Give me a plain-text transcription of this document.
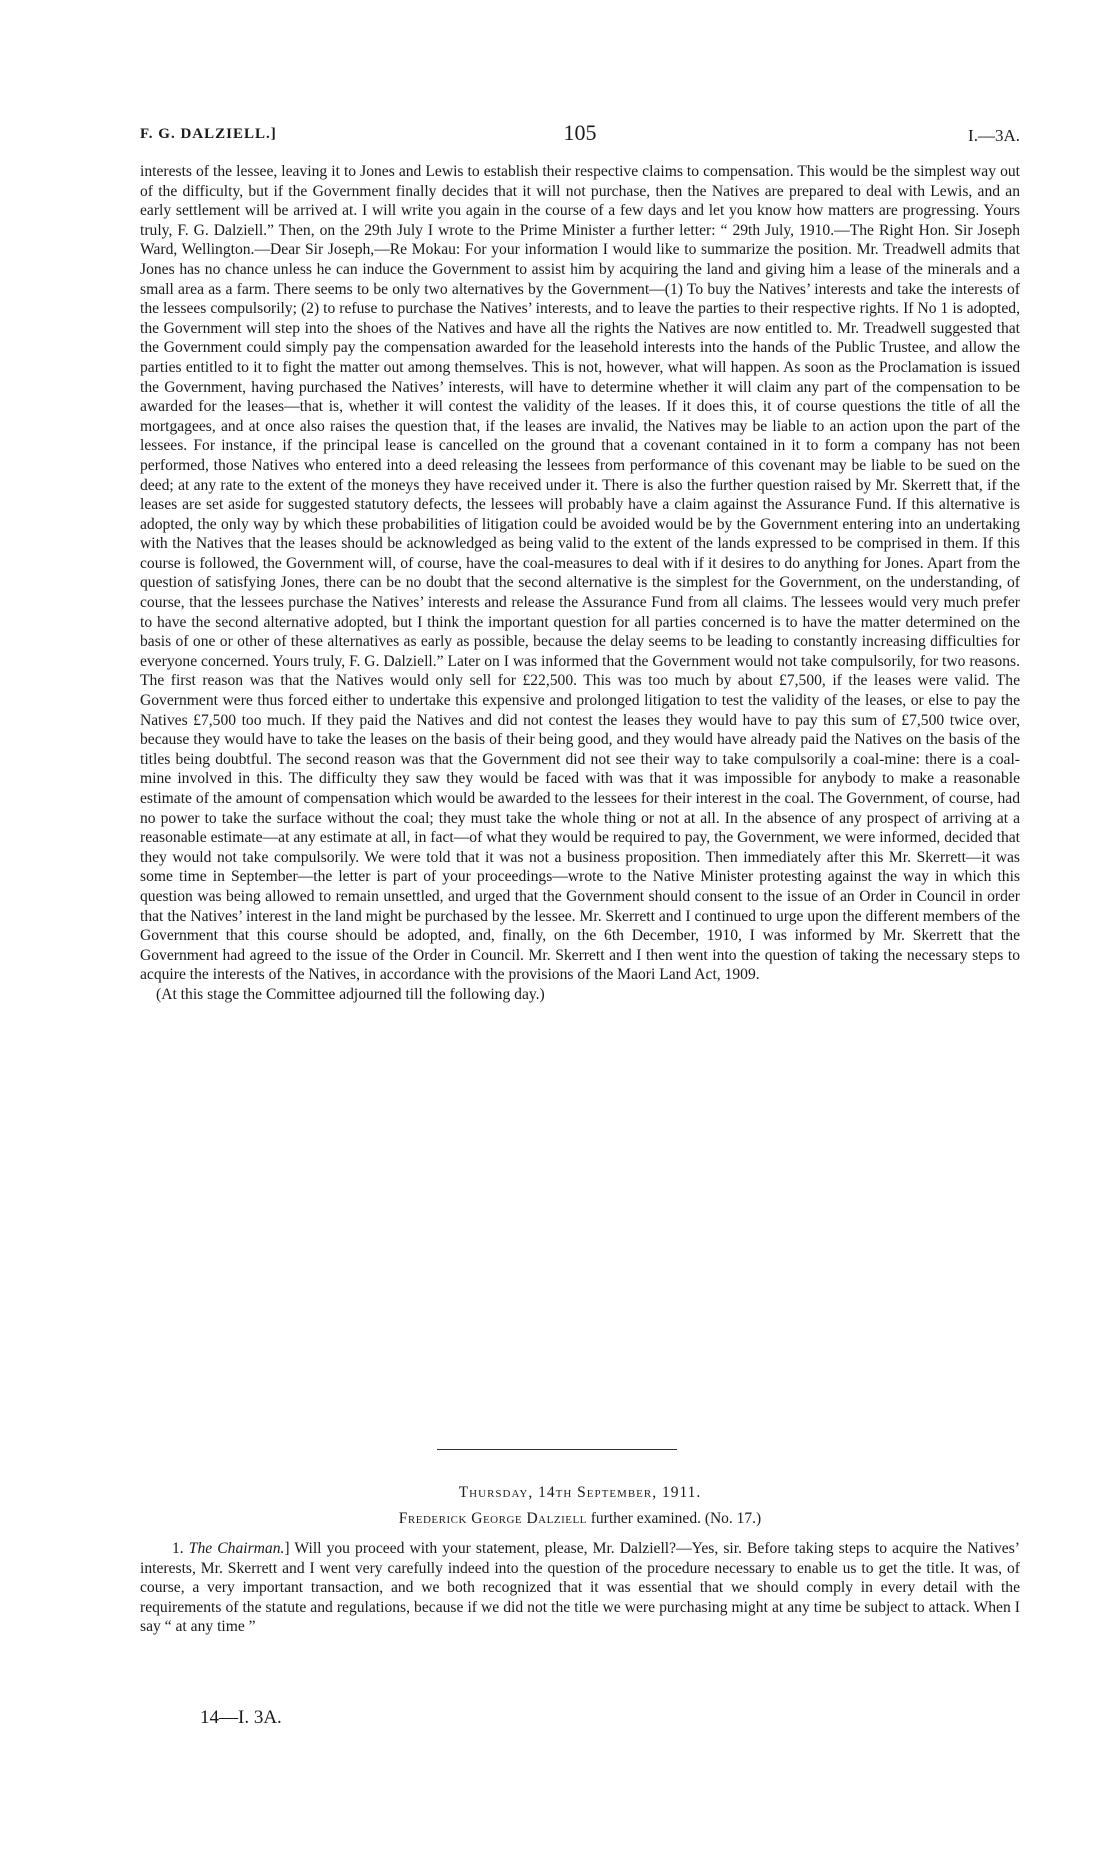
F. G. DALZIELL.]	105	I.—3A.

interests of the lessee, leaving it to Jones and Lewis to establish their respective claims to compensation. This would be the simplest way out of the difficulty, but if the Government finally decides that it will not purchase, then the Natives are prepared to deal with Lewis, and an early settlement will be arrived at. I will write you again in the course of a few days and let you know how matters are progressing. Yours truly, F. G. Dalziell.” Then, on the 29th July I wrote to the Prime Minister a further letter: “ 29th July, 1910.—The Right Hon. Sir Joseph Ward, Wellington.—Dear Sir Joseph,—Re Mokau: For your information I would like to summarize the position. Mr. Treadwell admits that Jones has no chance unless he can induce the Government to assist him by acquiring the land and giving him a lease of the minerals and a small area as a farm. There seems to be only two alternatives by the Government—(1) To buy the Natives’ interests and take the interests of the lessees compulsorily; (2) to refuse to purchase the Natives’ interests, and to leave the parties to their respective rights. If No 1 is adopted, the Government will step into the shoes of the Natives and have all the rights the Natives are now entitled to. Mr. Treadwell suggested that the Government could simply pay the compensation awarded for the leasehold interests into the hands of the Public Trustee, and allow the parties entitled to it to fight the matter out among themselves. This is not, however, what will happen. As soon as the Proclamation is issued the Government, having purchased the Natives’ interests, will have to determine whether it will claim any part of the compensation to be awarded for the leases—that is, whether it will contest the validity of the leases. If it does this, it of course questions the title of all the mortgagees, and at once also raises the question that, if the leases are invalid, the Natives may be liable to an action upon the part of the lessees. For instance, if the principal lease is cancelled on the ground that a covenant contained in it to form a company has not been performed, those Natives who entered into a deed releasing the lessees from performance of this covenant may be liable to be sued on the deed; at any rate to the extent of the moneys they have received under it. There is also the further question raised by Mr. Skerrett that, if the leases are set aside for suggested statutory defects, the lessees will probably have a claim against the Assurance Fund. If this alternative is adopted, the only way by which these probabilities of litigation could be avoided would be by the Government entering into an undertaking with the Natives that the leases should be acknowledged as being valid to the extent of the lands expressed to be comprised in them. If this course is followed, the Government will, of course, have the coal-measures to deal with if it desires to do anything for Jones. Apart from the question of satisfying Jones, there can be no doubt that the second alternative is the simplest for the Government, on the understanding, of course, that the lessees purchase the Natives’ interests and release the Assurance Fund from all claims. The lessees would very much prefer to have the second alternative adopted, but I think the important question for all parties concerned is to have the matter determined on the basis of one or other of these alternatives as early as possible, because the delay seems to be leading to constantly increasing difficulties for everyone concerned. Yours truly, F. G. Dalziell.” Later on I was informed that the Government would not take compulsorily, for two reasons. The first reason was that the Natives would only sell for £22,500. This was too much by about £7,500, if the leases were valid. The Government were thus forced either to undertake this expensive and prolonged litigation to test the validity of the leases, or else to pay the Natives £7,500 too much. If they paid the Natives and did not contest the leases they would have to pay this sum of £7,500 twice over, because they would have to take the leases on the basis of their being good, and they would have already paid the Natives on the basis of the titles being doubtful. The second reason was that the Government did not see their way to take compulsorily a coal-mine: there is a coal-mine involved in this. The difficulty they saw they would be faced with was that it was impossible for anybody to make a reasonable estimate of the amount of compensation which would be awarded to the lessees for their interest in the coal. The Government, of course, had no power to take the surface without the coal; they must take the whole thing or not at all. In the absence of any prospect of arriving at a reasonable estimate—at any estimate at all, in fact—of what they would be required to pay, the Government, we were informed, decided that they would not take compulsorily. We were told that it was not a business proposition. Then immediately after this Mr. Skerrett—it was some time in September—the letter is part of your proceedings—wrote to the Native Minister protesting against the way in which this question was being allowed to remain unsettled, and urged that the Government should consent to the issue of an Order in Council in order that the Natives’ interest in the land might be purchased by the lessee. Mr. Skerrett and I continued to urge upon the different members of the Government that this course should be adopted, and, finally, on the 6th December, 1910, I was informed by Mr. Skerrett that the Government had agreed to the issue of the Order in Council. Mr. Skerrett and I then went into the question of taking the necessary steps to acquire the interests of the Natives, in accordance with the provisions of the Maori Land Act, 1909.

(At this stage the Committee adjourned till the following day.)

Thursday, 14th September, 1911.
Frederick George Dalziell further examined. (No. 17.)
1. The Chairman.] Will you proceed with your statement, please, Mr. Dalziell?—Yes, sir. Before taking steps to acquire the Natives’ interests, Mr. Skerrett and I went very carefully indeed into the question of the procedure necessary to enable us to get the title. It was, of course, a very important transaction, and we both recognized that it was essential that we should comply in every detail with the requirements of the statute and regulations, because if we did not the title we were purchasing might at any time be subject to attack. When I say “ at any time ”
14—I. 3A.
